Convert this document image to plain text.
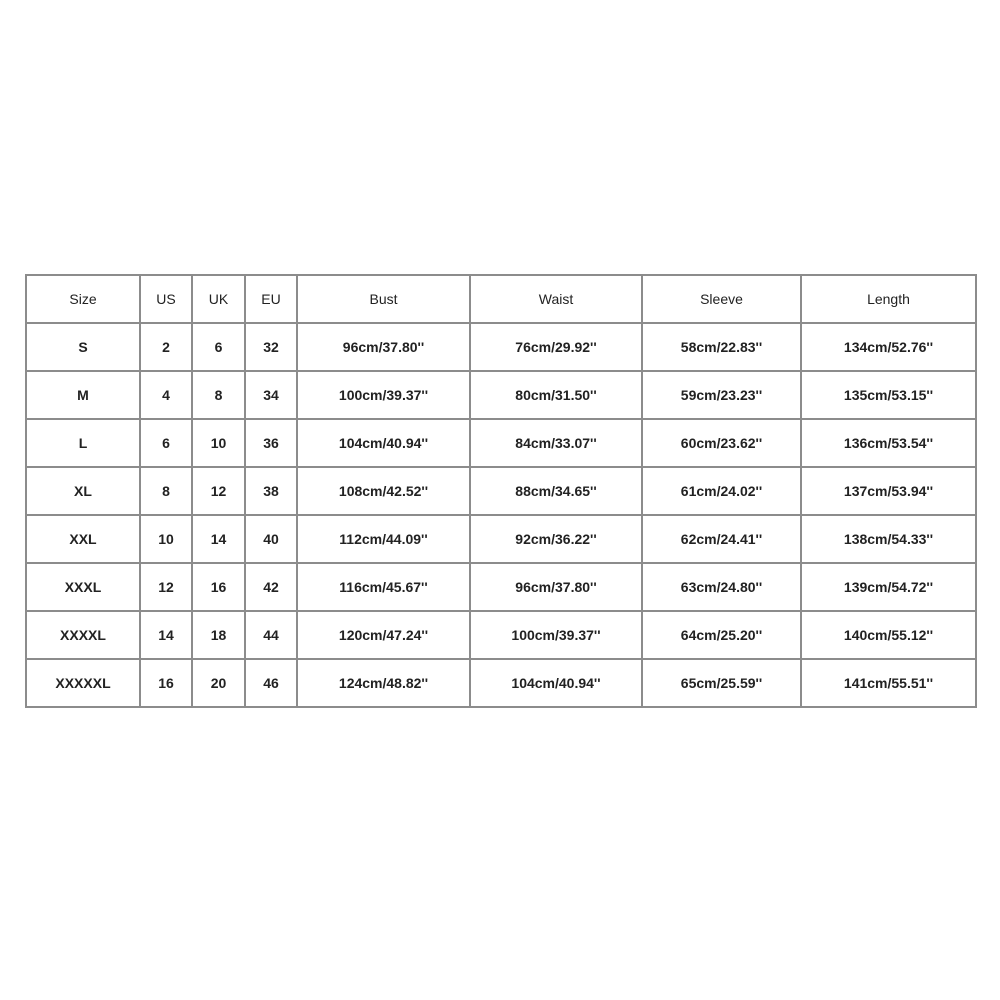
Size	US	UK	EU	Bust	Waist	Sleeve	Length
S	2	6	32	96cm/37.80''	76cm/29.92''	58cm/22.83''	134cm/52.76''
M	4	8	34	100cm/39.37''	80cm/31.50''	59cm/23.23''	135cm/53.15''
L	6	10	36	104cm/40.94''	84cm/33.07''	60cm/23.62''	136cm/53.54''
XL	8	12	38	108cm/42.52''	88cm/34.65''	61cm/24.02''	137cm/53.94''
XXL	10	14	40	112cm/44.09''	92cm/36.22''	62cm/24.41''	138cm/54.33''
XXXL	12	16	42	116cm/45.67''	96cm/37.80''	63cm/24.80''	139cm/54.72''
XXXXL	14	18	44	120cm/47.24''	100cm/39.37''	64cm/25.20''	140cm/55.12''
XXXXXL	16	20	46	124cm/48.82''	104cm/40.94''	65cm/25.59''	141cm/55.51''
